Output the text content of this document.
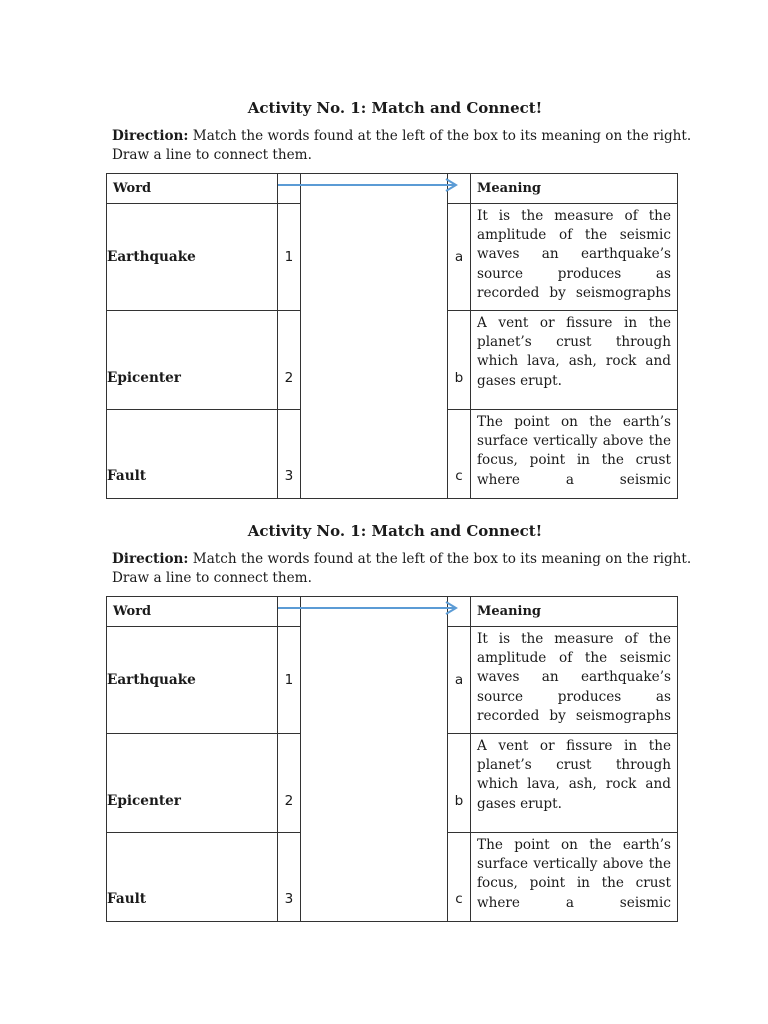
Activity No. 1: Match and Connect!
Direction: Match the words found at the left of the box to its meaning on the right. Draw a line to connect them.
Word				Meaning
Earthquake	1		a	It is the measure of the amplitude of the seismic waves an earthquake’s source produces as recorded by seismographs

Epicenter	2		b	A vent or fissure in the planet’s crust through which lava, ash, rock and gases erupt.

Fault	3		c	The point on the earth’s surface vertically above the focus, point in the crust where a seismic
Activity No. 1: Match and Connect!
Direction: Match the words found at the left of the box to its meaning on the right. Draw a line to connect them.
Word				Meaning
Earthquake	1		a	It is the measure of the amplitude of the seismic waves an earthquake’s source produces as recorded by seismographs

Epicenter	2		b	A vent or fissure in the planet’s crust through which lava, ash, rock and gases erupt.

Fault	3		c	The point on the earth’s surface vertically above the focus, point in the crust where a seismic
